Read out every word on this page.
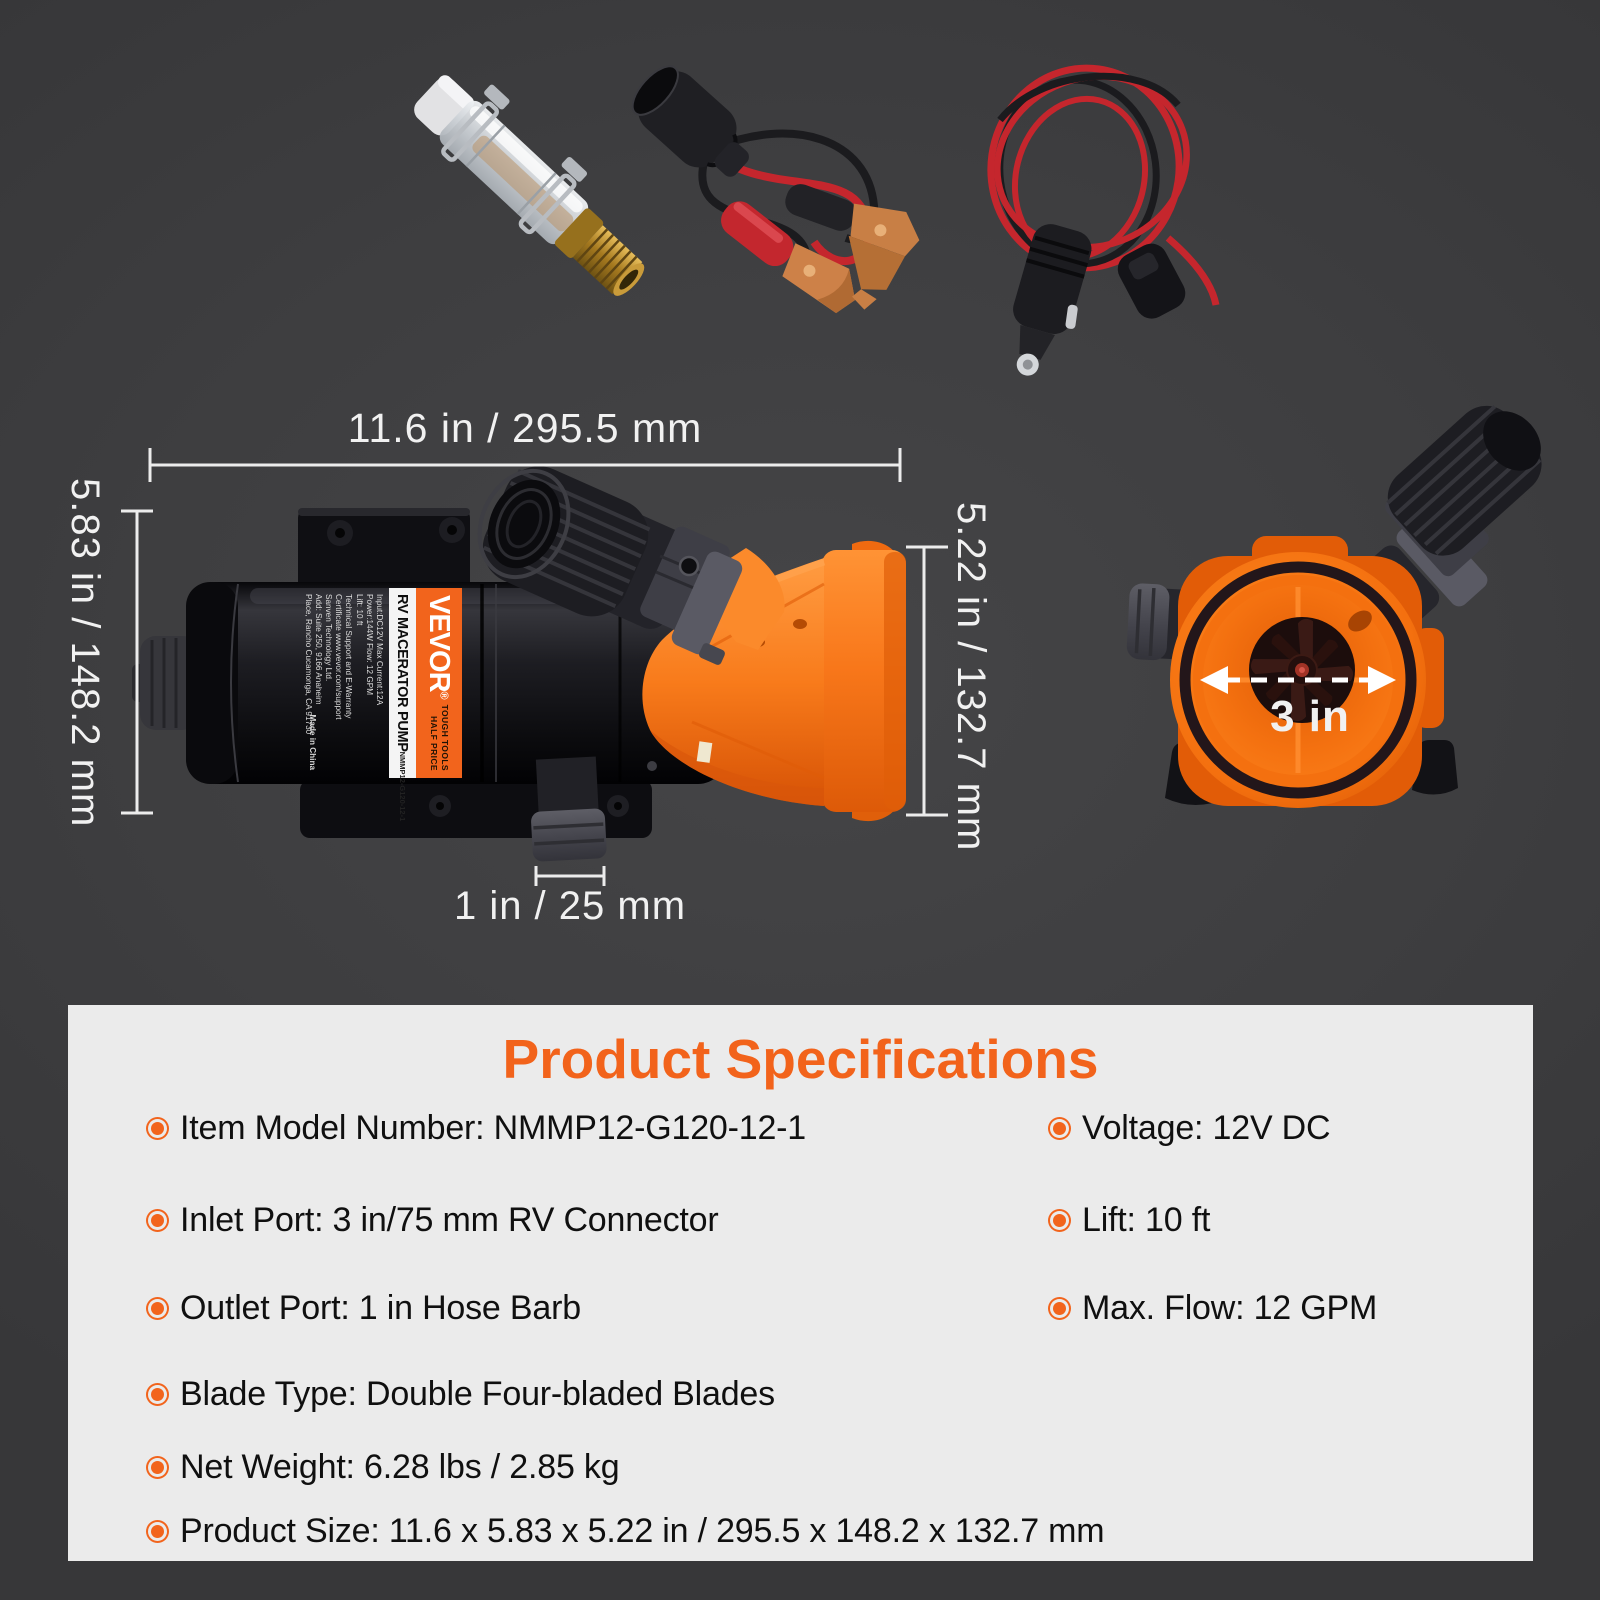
11.6 in / 295.5 mm
5.83 in / 148.2 mm	5.22 in / 132.7 mm
1 in / 25 mm
3 in
VEVOR®
TOUGH TOOLS
HALF PRICE
RV MACERATOR PUMP
NMMP12-G120-12-1
Input:DC12V Max Current:12A
Power:144W Flow: 12 GPM
Lift: 10 ft
Technical Support and E-Warranty
Certificate www.vevor.com/support
Sanven Technology Ltd.
Add: Suite 250, 9166 Anaheim
Place, Rancho Cucamonga, CA 91730
Made in China
Product Specifications
Item Model Number: NMMP12-G120-12-1
Inlet Port: 3 in/75 mm RV Connector
Outlet Port: 1 in Hose Barb
Blade Type: Double Four-bladed Blades
Net Weight: 6.28 lbs / 2.85 kg
Product Size: 11.6 x 5.83 x 5.22 in / 295.5 x 148.2 x 132.7 mm
Voltage: 12V DC
Lift: 10 ft
Max. Flow: 12 GPM
